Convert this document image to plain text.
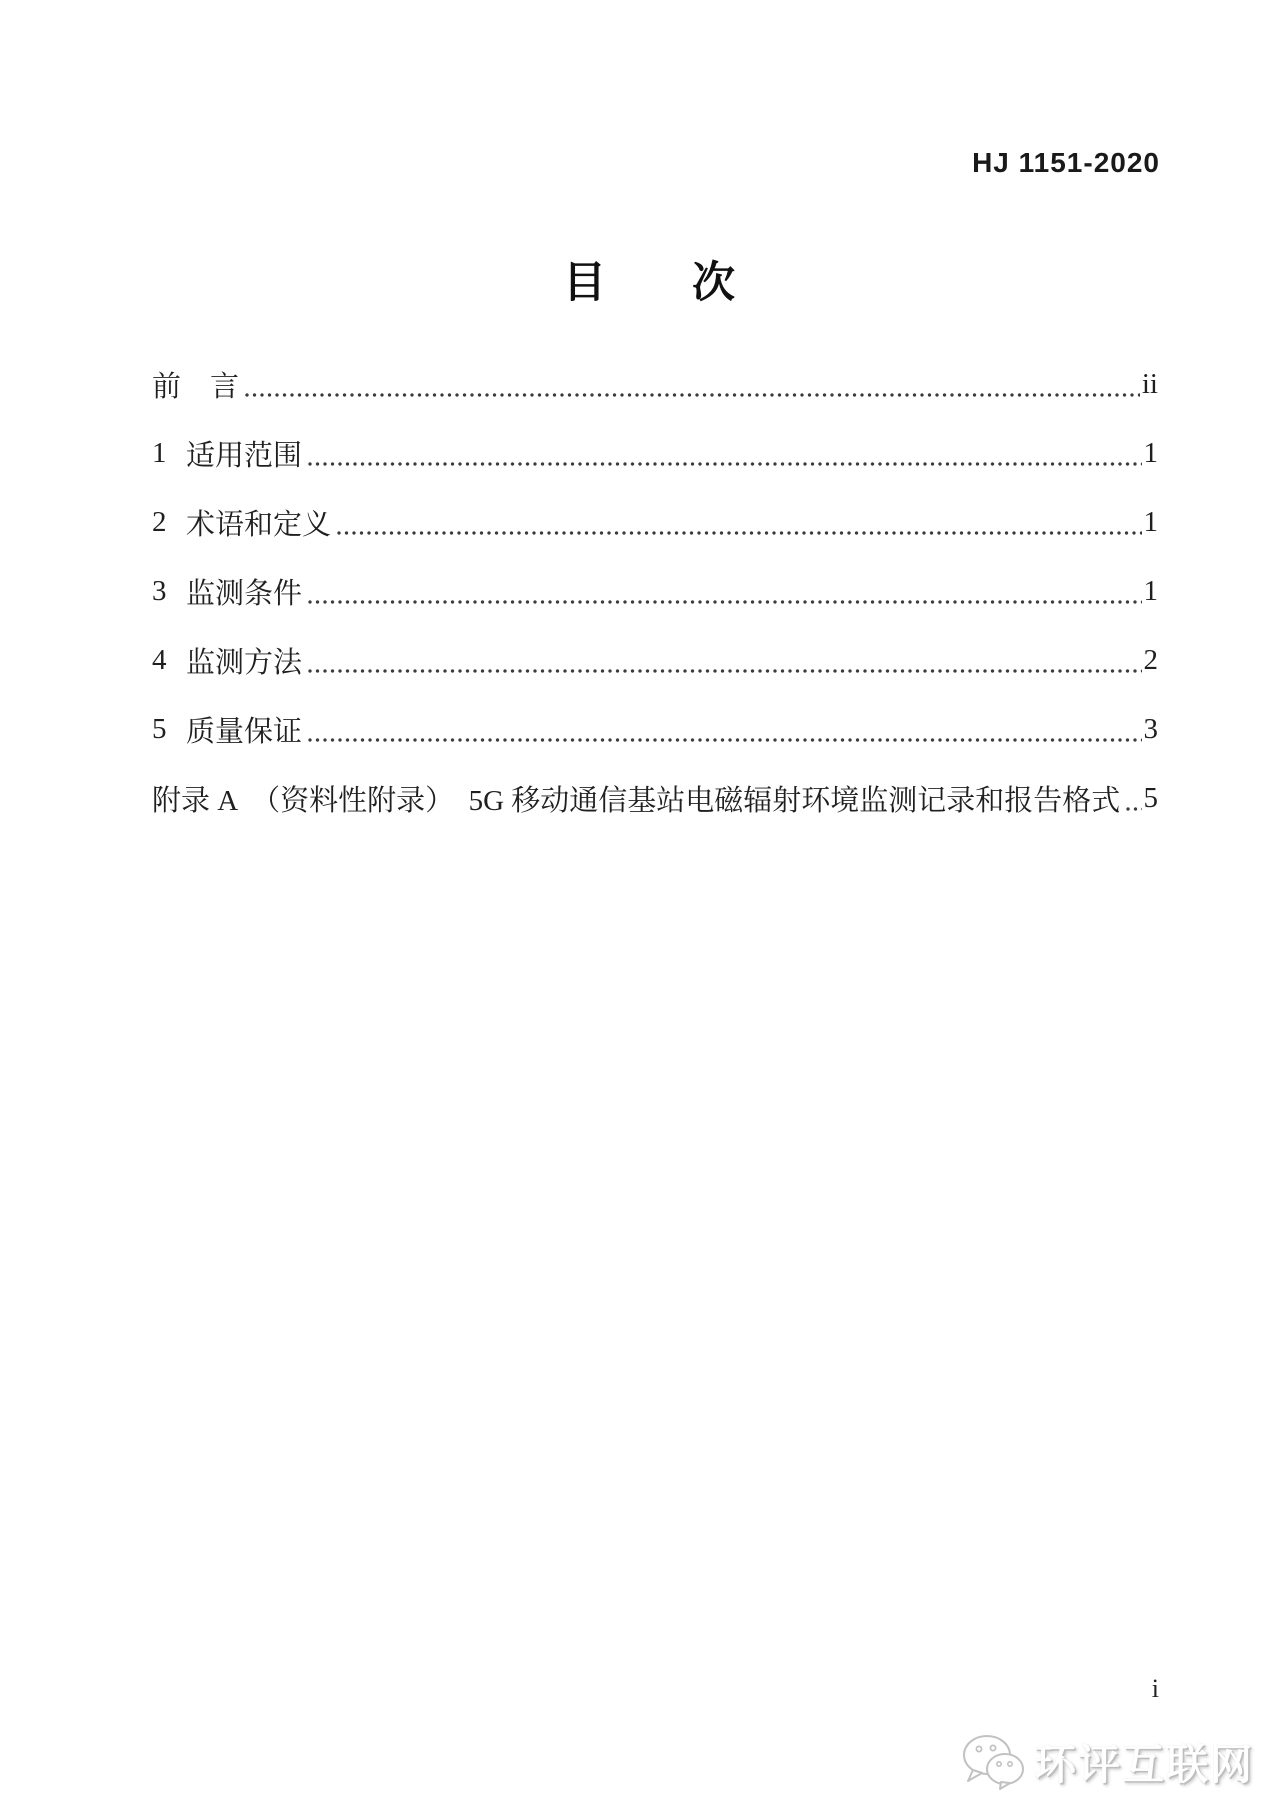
HJ 1151-2020
目　　次
前　言	ii
1 适用范围	1
2 术语和定义	1
3 监测条件	1
4 监测方法	2
5 质量保证	3
附录 A　（资料性附录）　5G 移动通信基站电磁辐射环境监测记录和报告格式 5
i
环评互联网
